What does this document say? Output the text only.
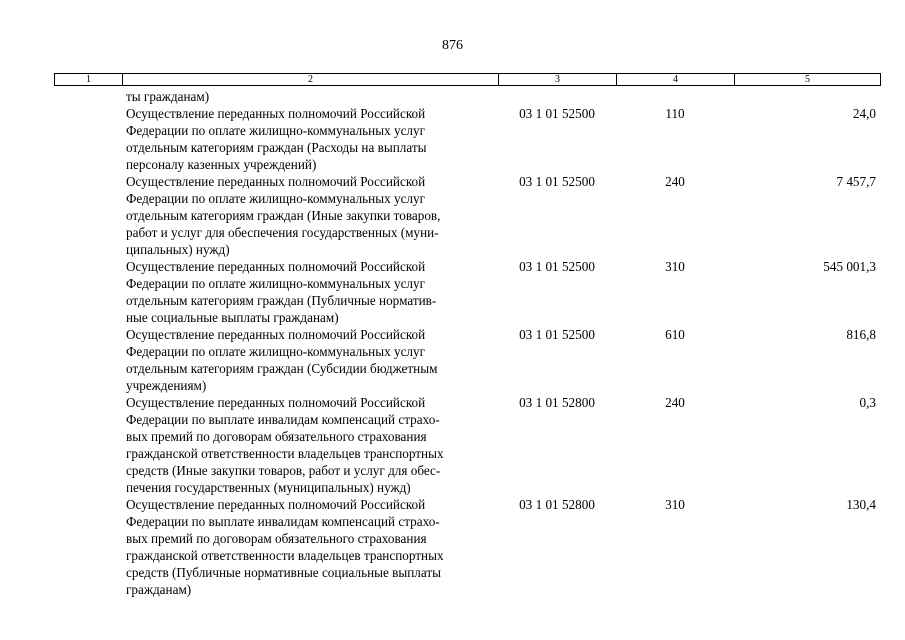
876
1	2	3	4	5
ты гражданам)
Осуществление переданных полномочий Российской
Федерации по оплате жилищно-коммунальных услуг
отдельным категориям граждан (Расходы на выплаты
персоналу казенных учреждений)
03 1 01 52500	110	24,0
Осуществление переданных полномочий Российской
Федерации по оплате жилищно-коммунальных услуг
отдельным категориям граждан (Иные закупки товаров,
работ и услуг для обеспечения государственных (муни-
ципальных) нужд)
03 1 01 52500	240	7 457,7
Осуществление переданных полномочий Российской
Федерации по оплате жилищно-коммунальных услуг
отдельным категориям граждан (Публичные норматив-
ные социальные выплаты гражданам)
03 1 01 52500	310	545 001,3
Осуществление переданных полномочий Российской
Федерации по оплате жилищно-коммунальных услуг
отдельным категориям граждан (Субсидии бюджетным
учреждениям)
03 1 01 52500	610	816,8
Осуществление переданных полномочий Российской
Федерации по выплате инвалидам компенсаций страхо-
вых премий по договорам обязательного страхования
гражданской ответственности владельцев транспортных
средств (Иные закупки товаров, работ и услуг для обес-
печения государственных (муниципальных) нужд)
03 1 01 52800	240	0,3
Осуществление переданных полномочий Российской
Федерации по выплате инвалидам компенсаций страхо-
вых премий по договорам обязательного страхования
гражданской ответственности владельцев транспортных
средств (Публичные нормативные социальные выплаты
гражданам)
03 1 01 52800	310	130,4
